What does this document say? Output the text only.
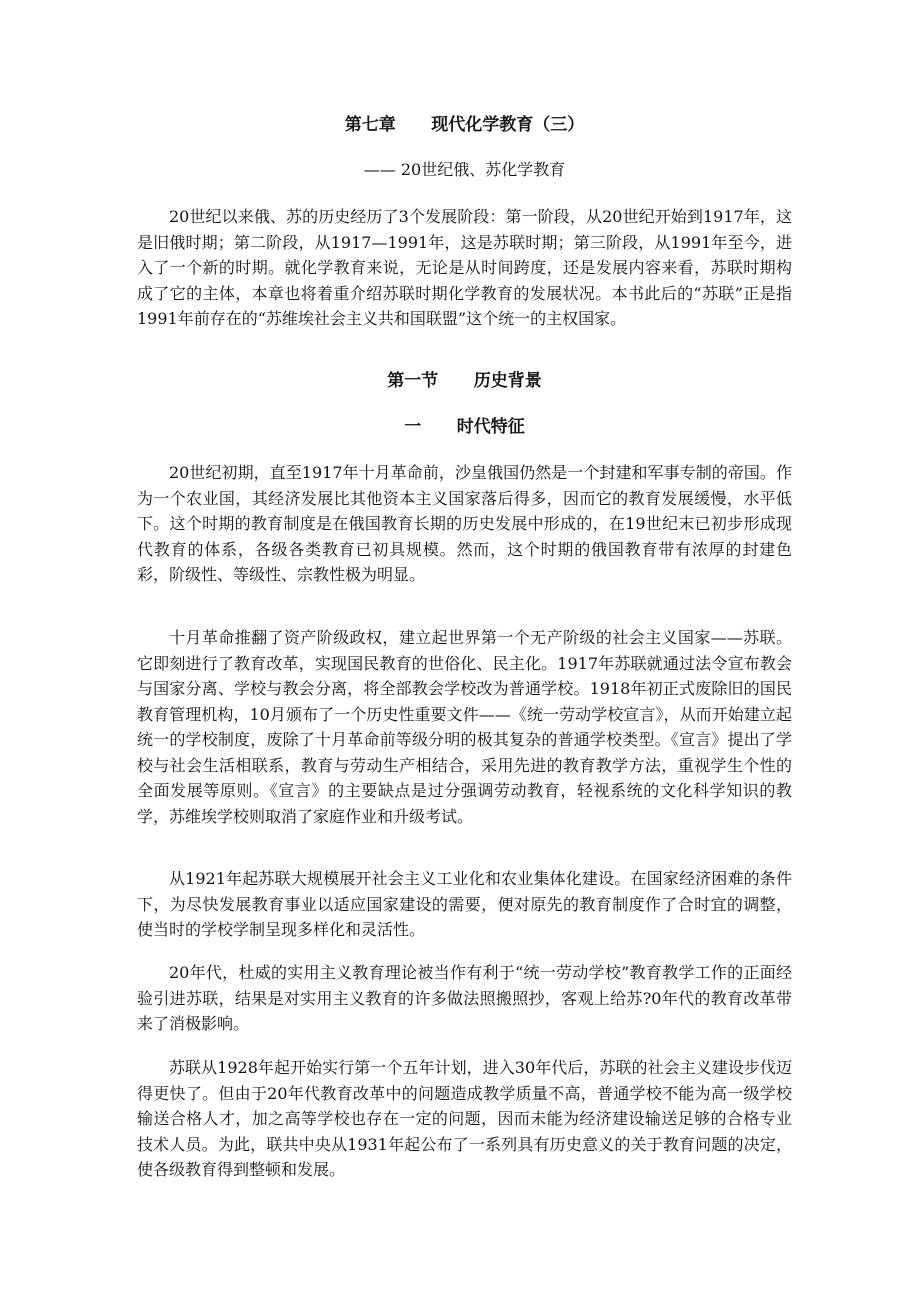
第七章      现代化学教育（三）
—— 20世纪俄、苏化学教育

20世纪以来俄、苏的历史经历了3个发展阶段：第一阶段，从20世纪开始到1917年，这是旧俄时期；第二阶段，从1917—1991年，这是苏联时期；第三阶段，从1991年至今，进入了一个新的时期。就化学教育来说，无论是从时间跨度，还是发展内容来看，苏联时期构成了它的主体，本章也将着重介绍苏联时期化学教育的发展状况。本书此后的“苏联”正是指1991年前存在的“苏维埃社会主义共和国联盟”这个统一的主权国家。

第一节      历史背景
一      时代特征

20世纪初期，直至1917年十月革命前，沙皇俄国仍然是一个封建和军事专制的帝国。作为一个农业国，其经济发展比其他资本主义国家落后得多，因而它的教育发展缓慢，水平低下。这个时期的教育制度是在俄国教育长期的历史发展中形成的，在19世纪末已初步形成现代教育的体系，各级各类教育已初具规模。然而，这个时期的俄国教育带有浓厚的封建色彩，阶级性、等级性、宗教性极为明显。

十月革命推翻了资产阶级政权，建立起世界第一个无产阶级的社会主义国家——苏联。它即刻进行了教育改革，实现国民教育的世俗化、民主化。1917年苏联就通过法令宣布教会与国家分离、学校与教会分离，将全部教会学校改为普通学校。1918年初正式废除旧的国民教育管理机构，10月颁布了一个历史性重要文件——《统一劳动学校宣言》，从而开始建立起统一的学校制度，废除了十月革命前等级分明的极其复杂的普通学校类型。《宣言》提出了学校与社会生活相联系，教育与劳动生产相结合，采用先进的教育教学方法，重视学生个性的全面发展等原则。《宣言》的主要缺点是过分强调劳动教育，轻视系统的文化科学知识的教学，苏维埃学校则取消了家庭作业和升级考试。

从1921年起苏联大规模展开社会主义工业化和农业集体化建设。在国家经济困难的条件下，为尽快发展教育事业以适应国家建设的需要，便对原先的教育制度作了合时宜的调整，使当时的学校学制呈现多样化和灵活性。

20年代，杜威的实用主义教育理论被当作有利于“统一劳动学校”教育教学工作的正面经验引进苏联，结果是对实用主义教育的许多做法照搬照抄，客观上给苏?0年代的教育改革带来了消极影响。

苏联从1928年起开始实行第一个五年计划，进入30年代后，苏联的社会主义建设步伐迈得更快了。但由于20年代教育改革中的问题造成教学质量不高，普通学校不能为高一级学校输送合格人才，加之高等学校也存在一定的问题，因而未能为经济建设输送足够的合格专业技术人员。为此，联共中央从1931年起公布了一系列具有历史意义的关于教育问题的决定，使各级教育得到整顿和发展。
